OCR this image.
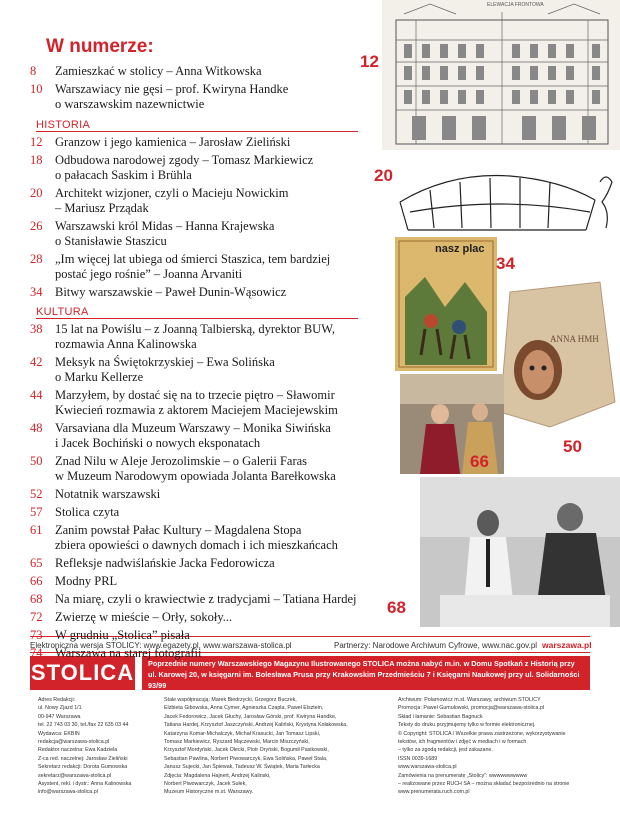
W numerze:
ELEWACJA FRONTOWA
12
20
nasz plac
34
ANNA HMH
50
66
68
Elektroniczna wersja STOLICY: www.egazety.pl, www.warszawa-stolica.pl	Partnerzy: Narodowe Archiwum Cyfrowe, www.nac.gov.pl warszawa.pl
STOLICA	Poprzednie numery Warszawskiego Magazynu Ilustrowanego STOLICA można nabyć m.in. w Domu Spotkań z Historią przy ul. Karowej 20, w księgarni im. Bolesława Prusa przy Krakowskim Przedmieściu 7 i Księgarni Naukowej przy ul. Solidarności 93/99
Adres Redakcji:
ul. Nowy Zjazd 1/1
00-947 Warszawa
tel. 22 743 03 30, tel./fax 22 635 03 44
Wydawca: EKBIN
redakcja@warszawa-stolica.pl
Redaktor naczelna: Ewa Kadziela
Z-ca red. naczelnej: Jarosław Zieliński
Sekretarz redakcji: Dorota Gumowska
sekretarz@warszawa-stolica.pl
Asystent, rekl. i dystr.: Anna Kalinowska
info@warszawa-stolica.pl
Stale współpracują: Marek Biedrzycki, Grzegorz Buczek,
Elżbieta Gibowska, Anna Cymer, Agnieszka Czapla, Paweł Elsztein,
Jacek Fedorowicz, Jacek Głuchy, Jarosław Górski, prof. Kwiryna Handke,
Tatiana Hardej, Krzysztof Jaszczyński, Andrzej Kaliński, Krystyna Kołakowska,
Katarzyna Komar-Michalczyk, Michał Krasucki, Jan Tomasz Lipski,
Tomasz Markiewicz, Ryszard Mączewski, Marcin Miszczyński,
Krzysztof Mordyński, Jacek Olecki, Piotr Oryński, Bogumił Pasikowski,
Sebastian Pawlina, Norbert Piwowarczyk, Ewa Solińska, Paweł Stala,
Janusz Sujecki, Jan Śpiewak, Tadeusz W. Świątek, Maria Tarłecka
Zdjęcia: Magdalena Hajnert, Andrzej Kalinski,
Norbert Piwowarczyk, Jacek Sułek,
Muzeum Historyczne m.st. Warszawy.
Archiwum: Polarnowicz m.st. Warszawy, archiwum STOLICY
Promocja: Paweł Gumułowski, promocja@warszawa-stolica.pl
Skład i łamanie: Sebastian Bagnuck
Teksty do druku przyjmujemy tylko w formie elektronicznej.
© Copyright: STOLICA / Wszelkie prawa zastrzeżone, wykorzystywanie
tekstów, ich fragmentów i zdjęć w mediach i w formach
– tylko za zgodą redakcji, jest zakazane.
ISSN 0039-1689
www.warszawa-stolica.pl
Zamówienia na prenumeratę „Stolicy”: wwwwwwwwww
– realizowane przez RUCH SA – można składać bezpośrednio na stronie
www.prenumerata.ruch.com.pl
8	Zamieszkać w stolicy – Anna Witkowska
10	Warszawiacy nie gęsi – prof. Kwiryna Handke
o warszawskim nazewnictwie
HISTORIA
12	Granzow i jego kamienica – Jarosław Zieliński
18	Odbudowa narodowej zgody – Tomasz Markiewicz
o pałacach Saskim i Brühla
20	Architekt wizjoner, czyli o Macieju Nowickim
– Mariusz Prządak
26	Warszawski król Midas – Hanna Krajewska
o Stanisławie Staszicu
28	„Im więcej lat ubiega od śmierci Staszica, tem bardziej
postać jego rośnie” – Joanna Arvaniti
34	Bitwy warszawskie – Paweł Dunin-Wąsowicz
KULTURA
38	15 lat na Powiślu – z Joanną Talbierską, dyrektor BUW,
rozmawia Anna Kalinowska
42	Meksyk na Świętokrzyskiej – Ewa Solińska
o Marku Kellerze
44	Marzyłem, by dostać się na to trzecie piętro – Sławomir
Kwiecień rozmawia z aktorem Maciejem Maciejewskim
48	Varsaviana dla Muzeum Warszawy – Monika Siwińska
i Jacek Bochiński o nowych eksponatach
50	Znad Nilu w Aleje Jerozolimskie – o Galerii Faras
w Muzeum Narodowym opowiada Jolanta Barełkowska
52	Notatnik warszawski
57	Stolica czyta
61	Zanim powstał Pałac Kultury – Magdalena Stopa
zbiera opowieści o dawnych domach i ich mieszkańcach
65	Refleksje nadwiślańskie Jacka Fedorowicza
66	Modny PRL
68	Na miarę, czyli o krawiectwie z tradycjami – Tatiana Hardej
72	Zwierzę w mieście – Orły, sokoły...
73	W grudniu „Stolica” pisała
74	Warszawa na starej fotografii
